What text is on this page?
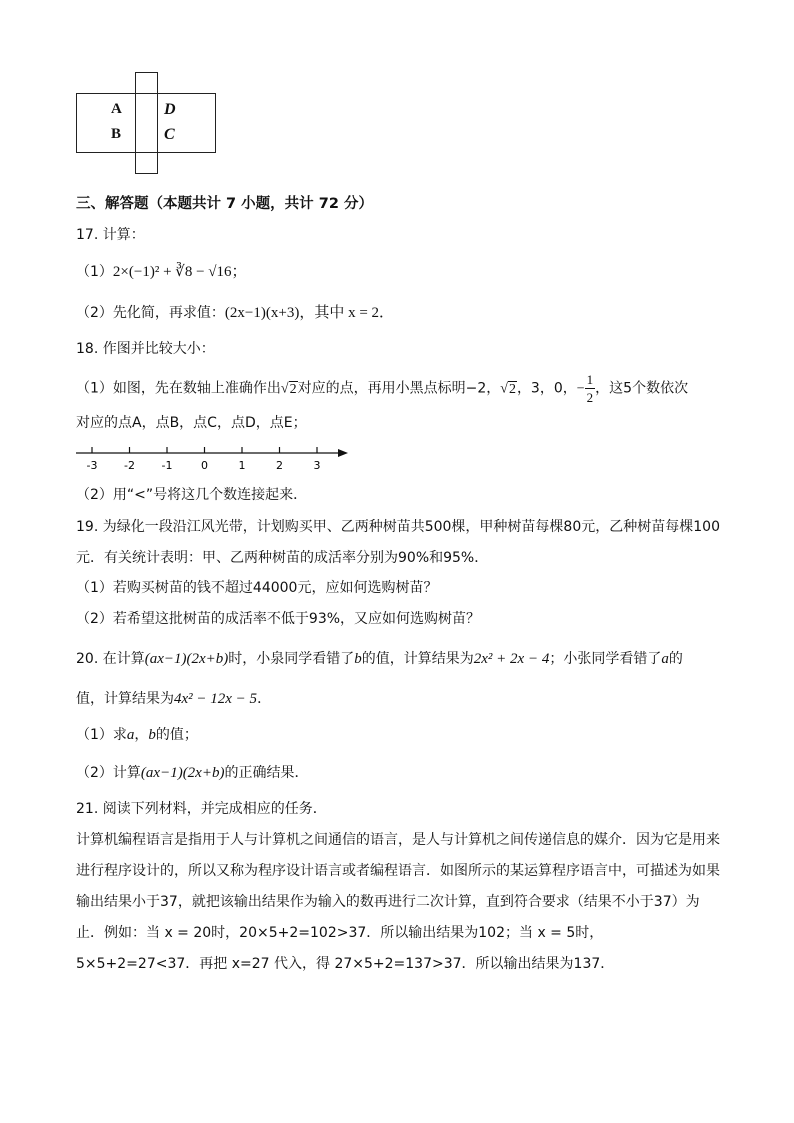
A
B
D
C
三、解答题（本题共计 7 小题，共计 72 分）
17. 计算：
（1）2×(−1)² + ∛8 − √16；
（2）先化简，再求值：(2x−1)(x+3)，其中 x = 2．
18. 作图并比较大小：
（1）如图，先在数轴上准确作出√2对应的点，再用小黑点标明−2，√2，3，0，− $\frac{1}{2}$ ，这5个数依次
对应的点A，点B，点C，点D，点E；
-3 -2 -1	0	1	2	3
（2）用“<”号将这几个数连接起来．
19. 为绿化一段沿江风光带，计划购买甲、乙两种树苗共500棵，甲种树苗每棵80元，乙种树苗每棵100
元．有关统计表明：甲、乙两种树苗的成活率分别为90%和95%．
（1）若购买树苗的钱不超过44000元，应如何选购树苗？
（2）若希望这批树苗的成活率不低于93%，又应如何选购树苗？
20. 在计算(ax−1)(2x+b)时，小泉同学看错了b的值，计算结果为2x² + 2x − 4；小张同学看错了a的
值，计算结果为4x² − 12x − 5．
（1）求a，b的值；
（2）计算(ax−1)(2x+b)的正确结果．
21. 阅读下列材料，并完成相应的任务．
计算机编程语言是指用于人与计算机之间通信的语言，是人与计算机之间传递信息的媒介．因为它是用来
进行程序设计的，所以又称为程序设计语言或者编程语言．如图所示的某运算程序语言中，可描述为如果
输出结果小于37，就把该输出结果作为输入的数再进行二次计算，直到符合要求（结果不小于37）为
止．例如：当 x = 20时，20×5+2=102>37．所以输出结果为102；当 x = 5时，
5×5+2=27<37．再把 x=27 代入，得 27×5+2=137>37．所以输出结果为137．
